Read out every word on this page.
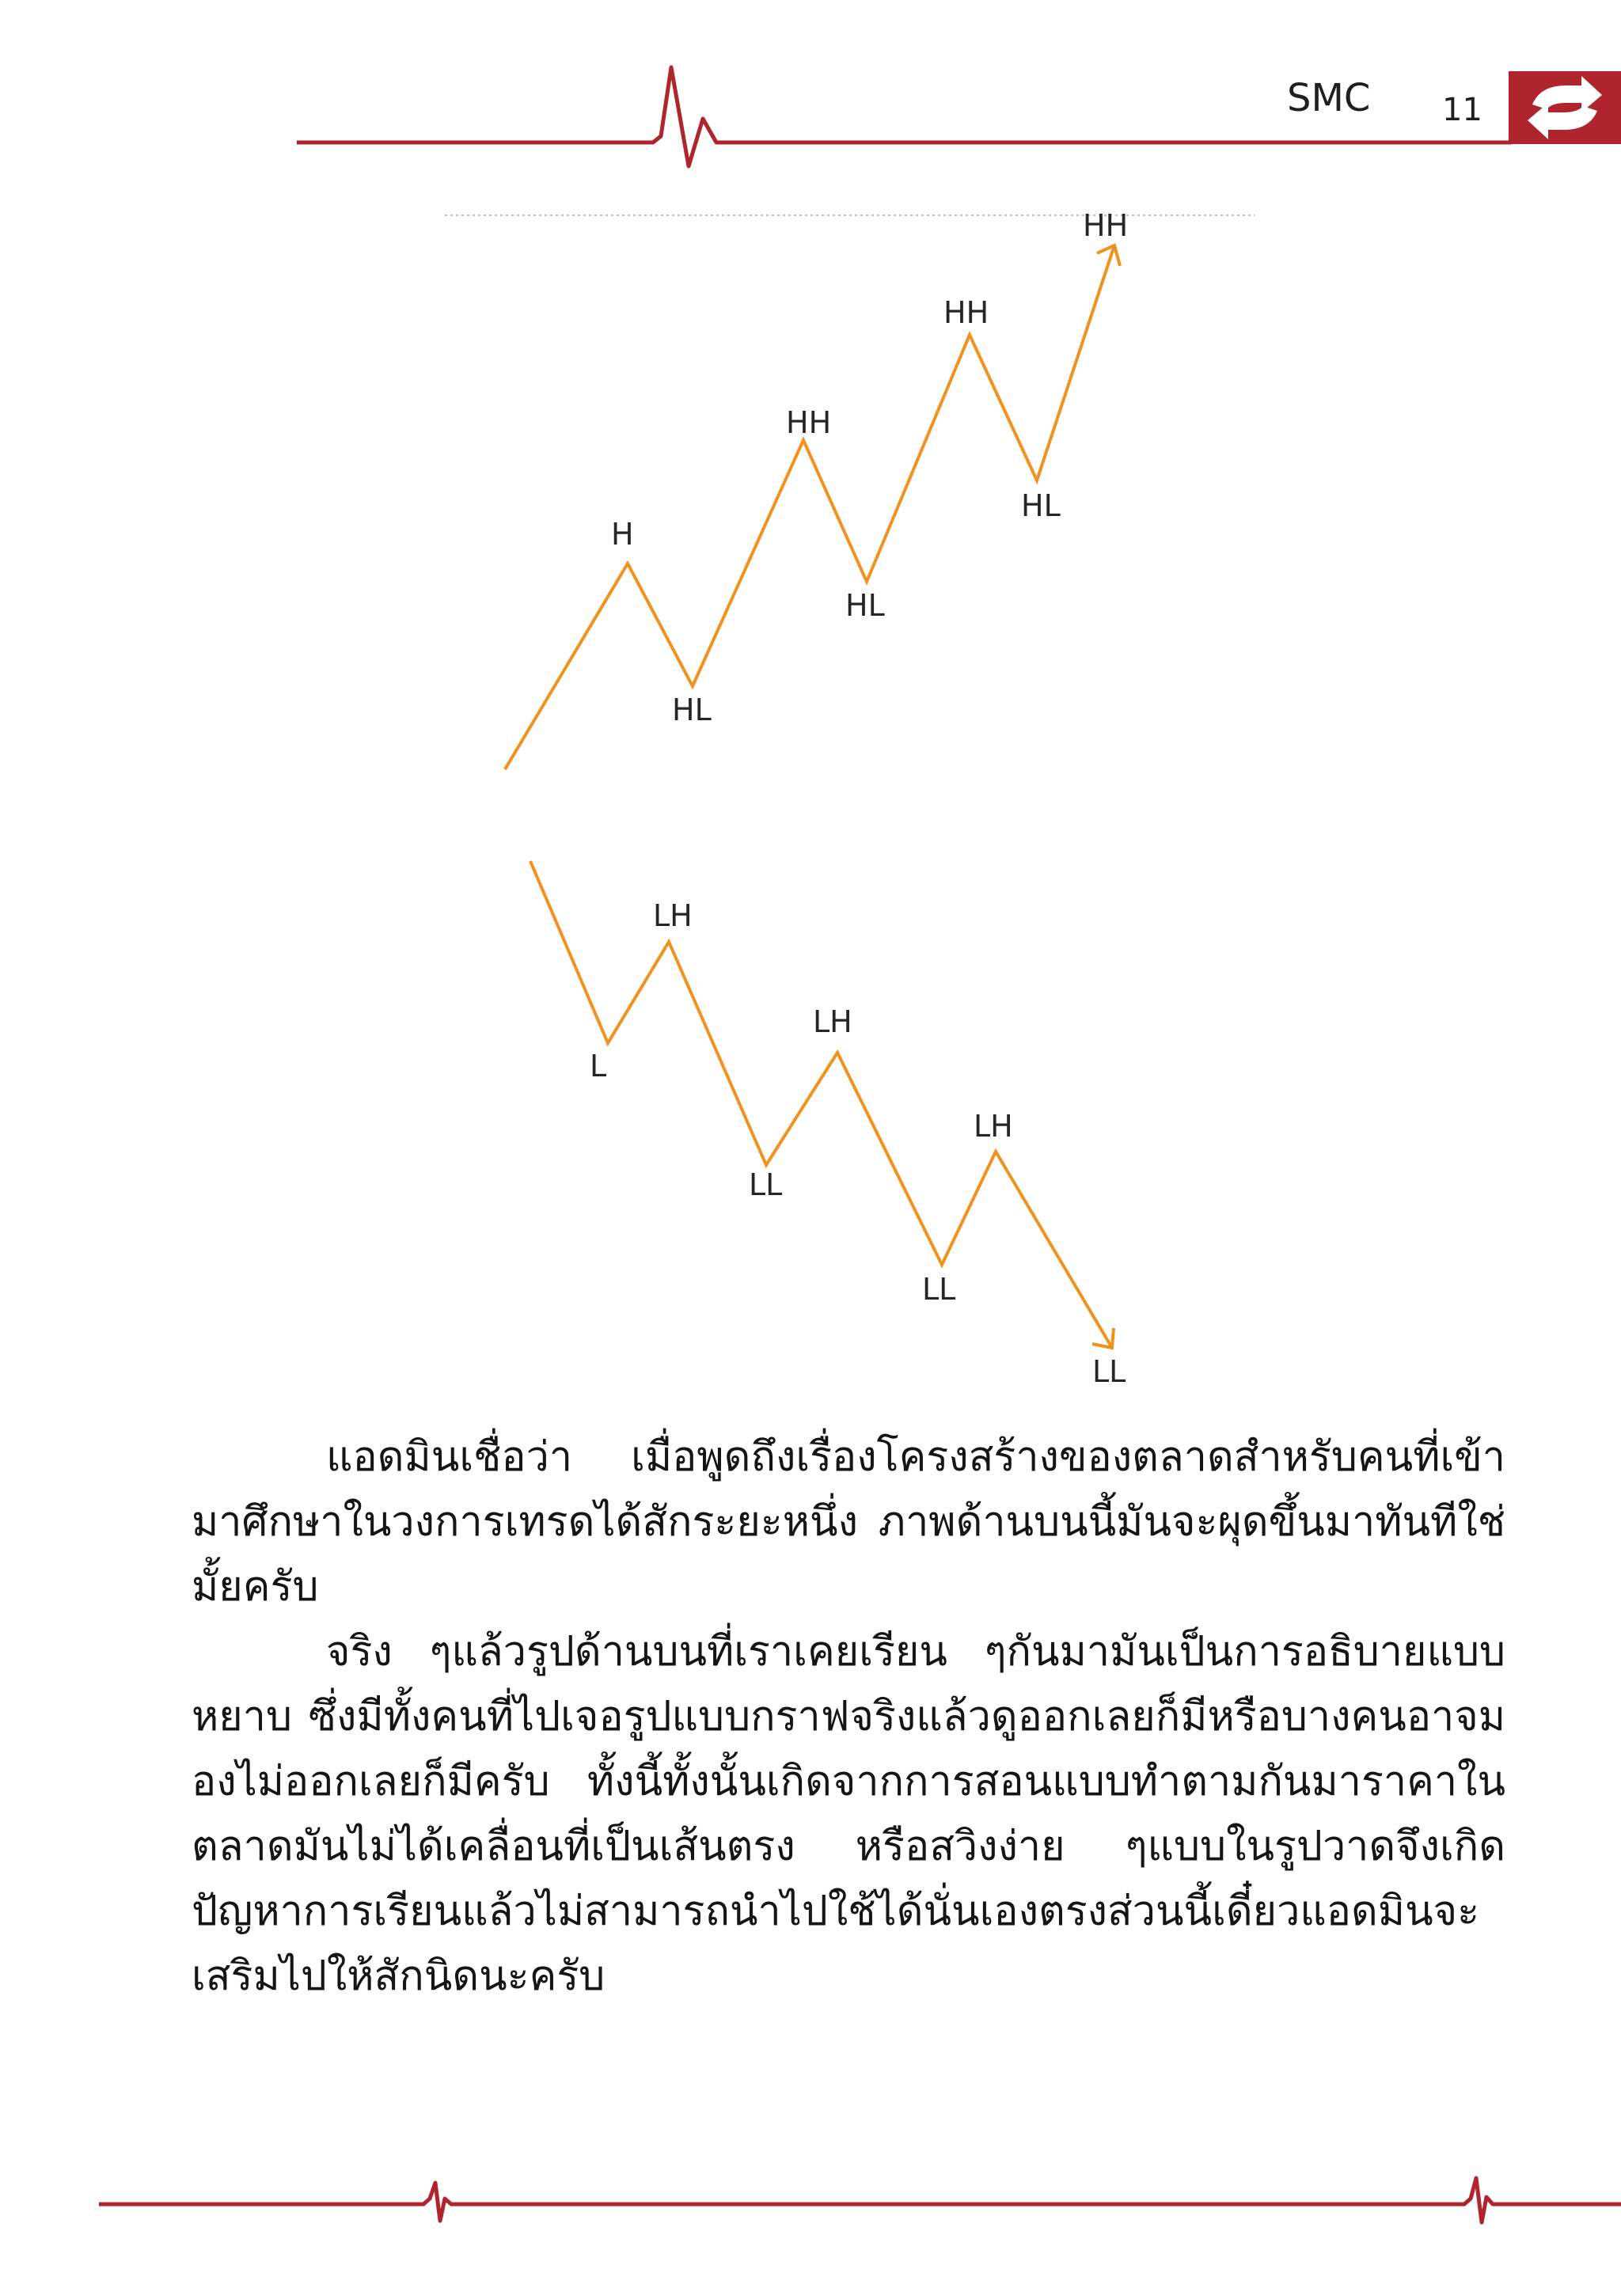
SMC 11
H
HL
HH
HL
HH
HL
HH
L
LH
LL
LH
LL
LH
LL

แอดมินเชื่อว่า เมื่อพูดถึงเรื่องโครงสร้างของตลาดสำหรับคนที่เข้ามาศึกษาในวงการเทรดได้สักระยะหนึ่ง ภาพด้านบนนี้มันจะผุดขึ้นมาทันทีใช่มั้ยครับ

จริง ๆแล้วรูปด้านบนที่เราเคยเรียน ๆกันมามันเป็นการอธิบายแบบหยาบ ซึ่งมีทั้งคนที่ไปเจอรูปแบบกราฟจริงแล้วดูออกเลยก็มีหรือบางคนอาจมองไม่ออกเลยก็มีครับ ทั้งนี้ทั้งนั้นเกิดจากการสอนแบบทำตามกันมาราคาในตลาดมันไม่ได้เคลื่อนที่เป็นเส้นตรง หรือสวิงง่าย ๆแบบในรูปวาดจึงเกิดปัญหาการเรียนแล้วไม่สามารถนำไปใช้ได้นั่นเองตรงส่วนนี้เดี๋ยวแอดมินจะเสริมไปให้สักนิดนะครับ
